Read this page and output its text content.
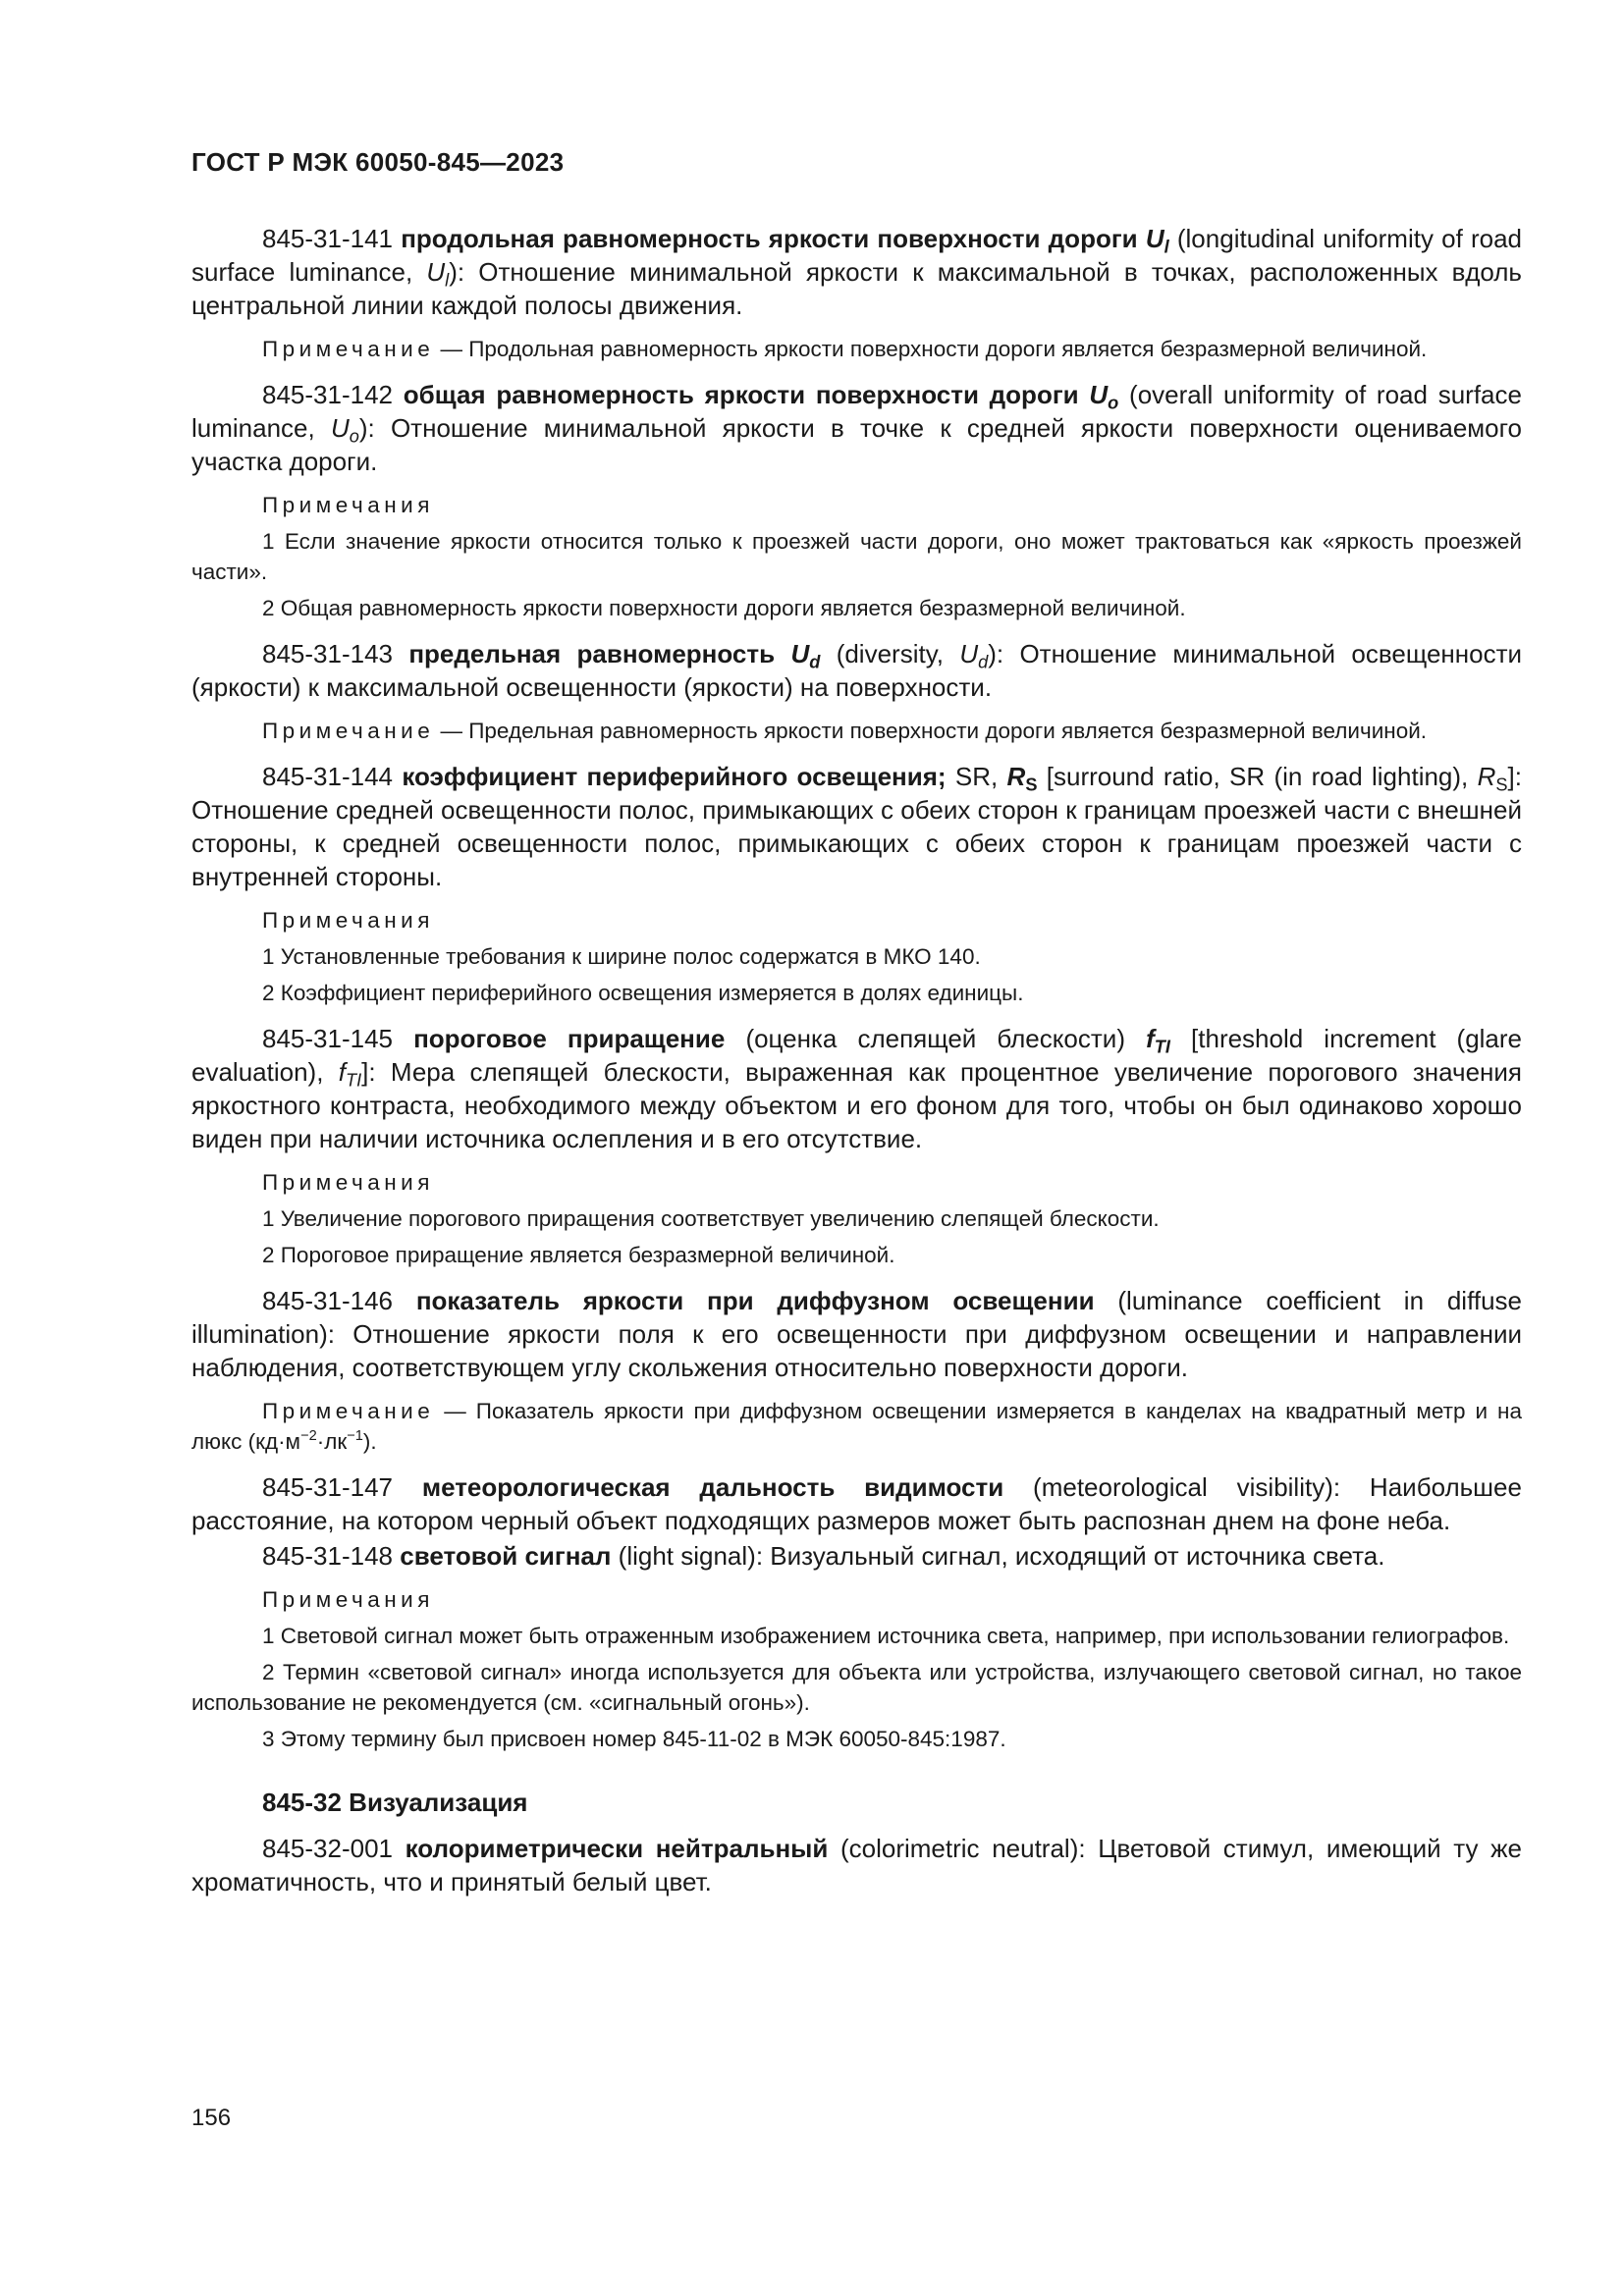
ГОСТ Р МЭК 60050-845—2023

845-31-141 продольная равномерность яркости поверхности дороги $U_l$ (longitudinal uniformity of road surface luminance, $U_l$): Отношение минимальной яркости к максимальной в точках, расположенных вдоль центральной линии каждой полосы движения.

Примечание — Продольная равномерность яркости поверхности дороги является безразмерной величиной.

845-31-142 общая равномерность яркости поверхности дороги $U_o$ (overall uniformity of road surface luminance, $U_o$): Отношение минимальной яркости в точке к средней яркости поверхности оцениваемого участка дороги.

Примечания

1 Если значение яркости относится только к проезжей части дороги, оно может трактоваться как «яркость проезжей части».

2 Общая равномерность яркости поверхности дороги является безразмерной величиной.

845-31-143 предельная равномерность $U_d$ (diversity, $U_d$): Отношение минимальной освещенности (яркости) к максимальной освещенности (яркости) на поверхности.

Примечание — Предельная равномерность яркости поверхности дороги является безразмерной величиной.

845-31-144 коэффициент периферийного освещения; SR, $R_S$ [surround ratio, SR (in road lighting), $R_S$]: Отношение средней освещенности полос, примыкающих с обеих сторон к границам проезжей части с внешней стороны, к средней освещенности полос, примыкающих с обеих сторон к границам проезжей части с внутренней стороны.

Примечания

1 Установленные требования к ширине полос содержатся в МКО 140.

2 Коэффициент периферийного освещения измеряется в долях единицы.

845-31-145 пороговое приращение (оценка слепящей блескости) $f_{TI}$ [threshold increment (glare evaluation), $f_{TI}$]: Мера слепящей блескости, выраженная как процентное увеличение порогового значения яркостного контраста, необходимого между объектом и его фоном для того, чтобы он был одинаково хорошо виден при наличии источника ослепления и в его отсутствие.

Примечания

1 Увеличение порогового приращения соответствует увеличению слепящей блескости.

2 Пороговое приращение является безразмерной величиной.

845-31-146 показатель яркости при диффузном освещении (luminance coefficient in diffuse illumination): Отношение яркости поля к его освещенности при диффузном освещении и направлении наблюдения, соответствующем углу скольжения относительно поверхности дороги.

Примечание — Показатель яркости при диффузном освещении измеряется в канделах на квадратный метр и на люкс $(кд\cdot м^{-2}\cdot лк^{-1})$.

845-31-147 метеорологическая дальность видимости (meteorological visibility): Наибольшее расстояние, на котором черный объект подходящих размеров может быть распознан днем на фоне неба.

845-31-148 световой сигнал (light signal): Визуальный сигнал, исходящий от источника света.

Примечания

1 Световой сигнал может быть отраженным изображением источника света, например, при использовании гелиографов.

2 Термин «световой сигнал» иногда используется для объекта или устройства, излучающего световой сигнал, но такое использование не рекомендуется (см. «сигнальный огонь»).

3 Этому термину был присвоен номер 845-11-02 в МЭК 60050-845:1987.

845-32 Визуализация

845-32-001 колориметрически нейтральный (colorimetric neutral): Цветовой стимул, имеющий ту же хроматичность, что и принятый белый цвет.

156
